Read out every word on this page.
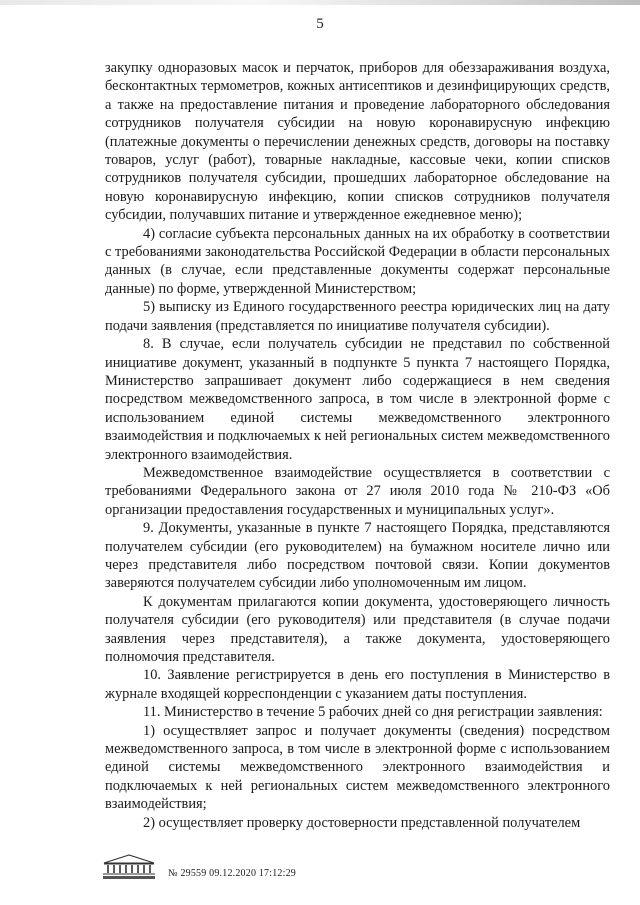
5

закупку одноразовых масок и перчаток, приборов для обеззараживания воздуха, бесконтактных термометров, кожных антисептиков и дезинфицирующих средств, а также на предоставление питания и проведение лабораторного обследования сотрудников получателя субсидии на новую коронавирусную инфекцию (платежные документы о перечислении денежных средств, договоры на поставку товаров, услуг (работ), товарные накладные, кассовые чеки, копии списков сотрудников получателя субсидии, прошедших лабораторное обследование на новую коронавирусную инфекцию, копии списков сотрудников получателя субсидии, получавших питание и утвержденное ежедневное меню);

4) согласие субъекта персональных данных на их обработку в соответствии с требованиями законодательства Российской Федерации в области персональных данных (в случае, если представленные документы содержат персональные данные) по форме, утвержденной Министерством;

5) выписку из Единого государственного реестра юридических лиц на дату подачи заявления (представляется по инициативе получателя субсидии).

8. В случае, если получатель субсидии не представил по собственной инициативе документ, указанный в подпункте 5 пункта 7 настоящего Порядка, Министерство запрашивает документ либо содержащиеся в нем сведения посредством межведомственного запроса, в том числе в электронной форме с использованием единой системы межведомственного электронного взаимодействия и подключаемых к ней региональных систем межведомственного электронного взаимодействия.

Межведомственное взаимодействие осуществляется в соответствии с требованиями Федерального закона от 27 июля 2010 года № 210-ФЗ «Об организации предоставления государственных и муниципальных услуг».

9. Документы, указанные в пункте 7 настоящего Порядка, представляются получателем субсидии (его руководителем) на бумажном носителе лично или через представителя либо посредством почтовой связи. Копии документов заверяются получателем субсидии либо уполномоченным им лицом.

К документам прилагаются копии документа, удостоверяющего личность получателя субсидии (его руководителя) или представителя (в случае подачи заявления через представителя), а также документа, удостоверяющего полномочия представителя.

10. Заявление регистрируется в день его поступления в Министерство в журнале входящей корреспонденции с указанием даты поступления.

11. Министерство в течение 5 рабочих дней со дня регистрации заявления:

1) осуществляет запрос и получает документы (сведения) посредством межведомственного запроса, в том числе в электронной форме с использованием единой системы межведомственного электронного взаимодействия и подключаемых к ней региональных систем межведомственного электронного взаимодействия;

2) осуществляет проверку достоверности представленной получателем

№ 29559 09.12.2020 17:12:29
